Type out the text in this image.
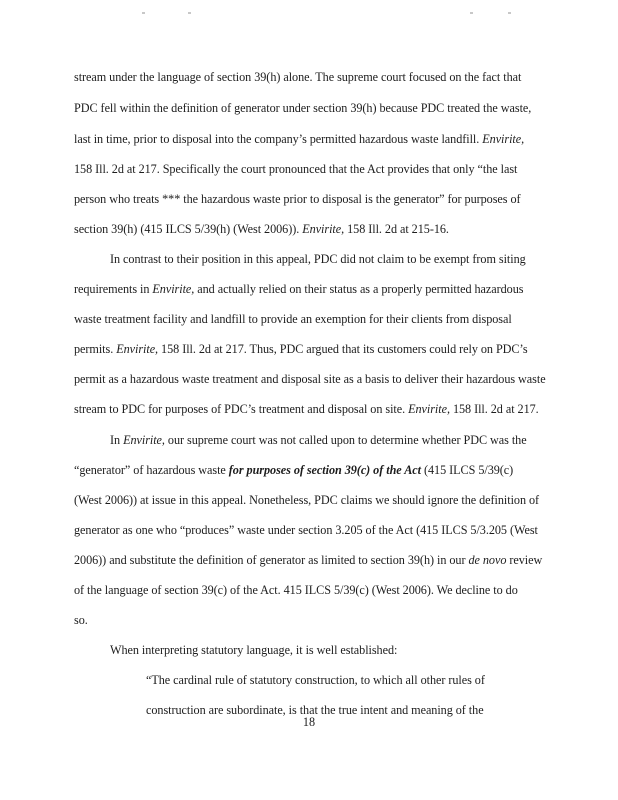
stream under the language of section 39(h) alone. The supreme court focused on the fact that
PDC fell within the definition of generator under section 39(h) because PDC treated the waste,
last in time, prior to disposal into the company’s permitted hazardous waste landfill. Envirite,
158 Ill. 2d at 217. Specifically the court pronounced that the Act provides that only “the last
person who treats *** the hazardous waste prior to disposal is the generator” for purposes of
section 39(h) (415 ILCS 5/39(h) (West 2006)). Envirite, 158 Ill. 2d at 215-16.
In contrast to their position in this appeal, PDC did not claim to be exempt from siting
requirements in Envirite, and actually relied on their status as a properly permitted hazardous
waste treatment facility and landfill to provide an exemption for their clients from disposal
permits. Envirite, 158 Ill. 2d at 217. Thus, PDC argued that its customers could rely on PDC’s
permit as a hazardous waste treatment and disposal site as a basis to deliver their hazardous waste
stream to PDC for purposes of PDC’s treatment and disposal on site. Envirite, 158 Ill. 2d at 217.
In Envirite, our supreme court was not called upon to determine whether PDC was the
“generator” of hazardous waste for purposes of section 39(c) of the Act (415 ILCS 5/39(c)
(West 2006)) at issue in this appeal. Nonetheless, PDC claims we should ignore the definition of
generator as one who “produces” waste under section 3.205 of the Act (415 ILCS 5/3.205 (West
2006)) and substitute the definition of generator as limited to section 39(h) in our de novo review
of the language of section 39(c) of the Act. 415 ILCS 5/39(c) (West 2006). We decline to do
so.
When interpreting statutory language, it is well established:
“The cardinal rule of statutory construction, to which all other rules of
construction are subordinate, is that the true intent and meaning of the
18
